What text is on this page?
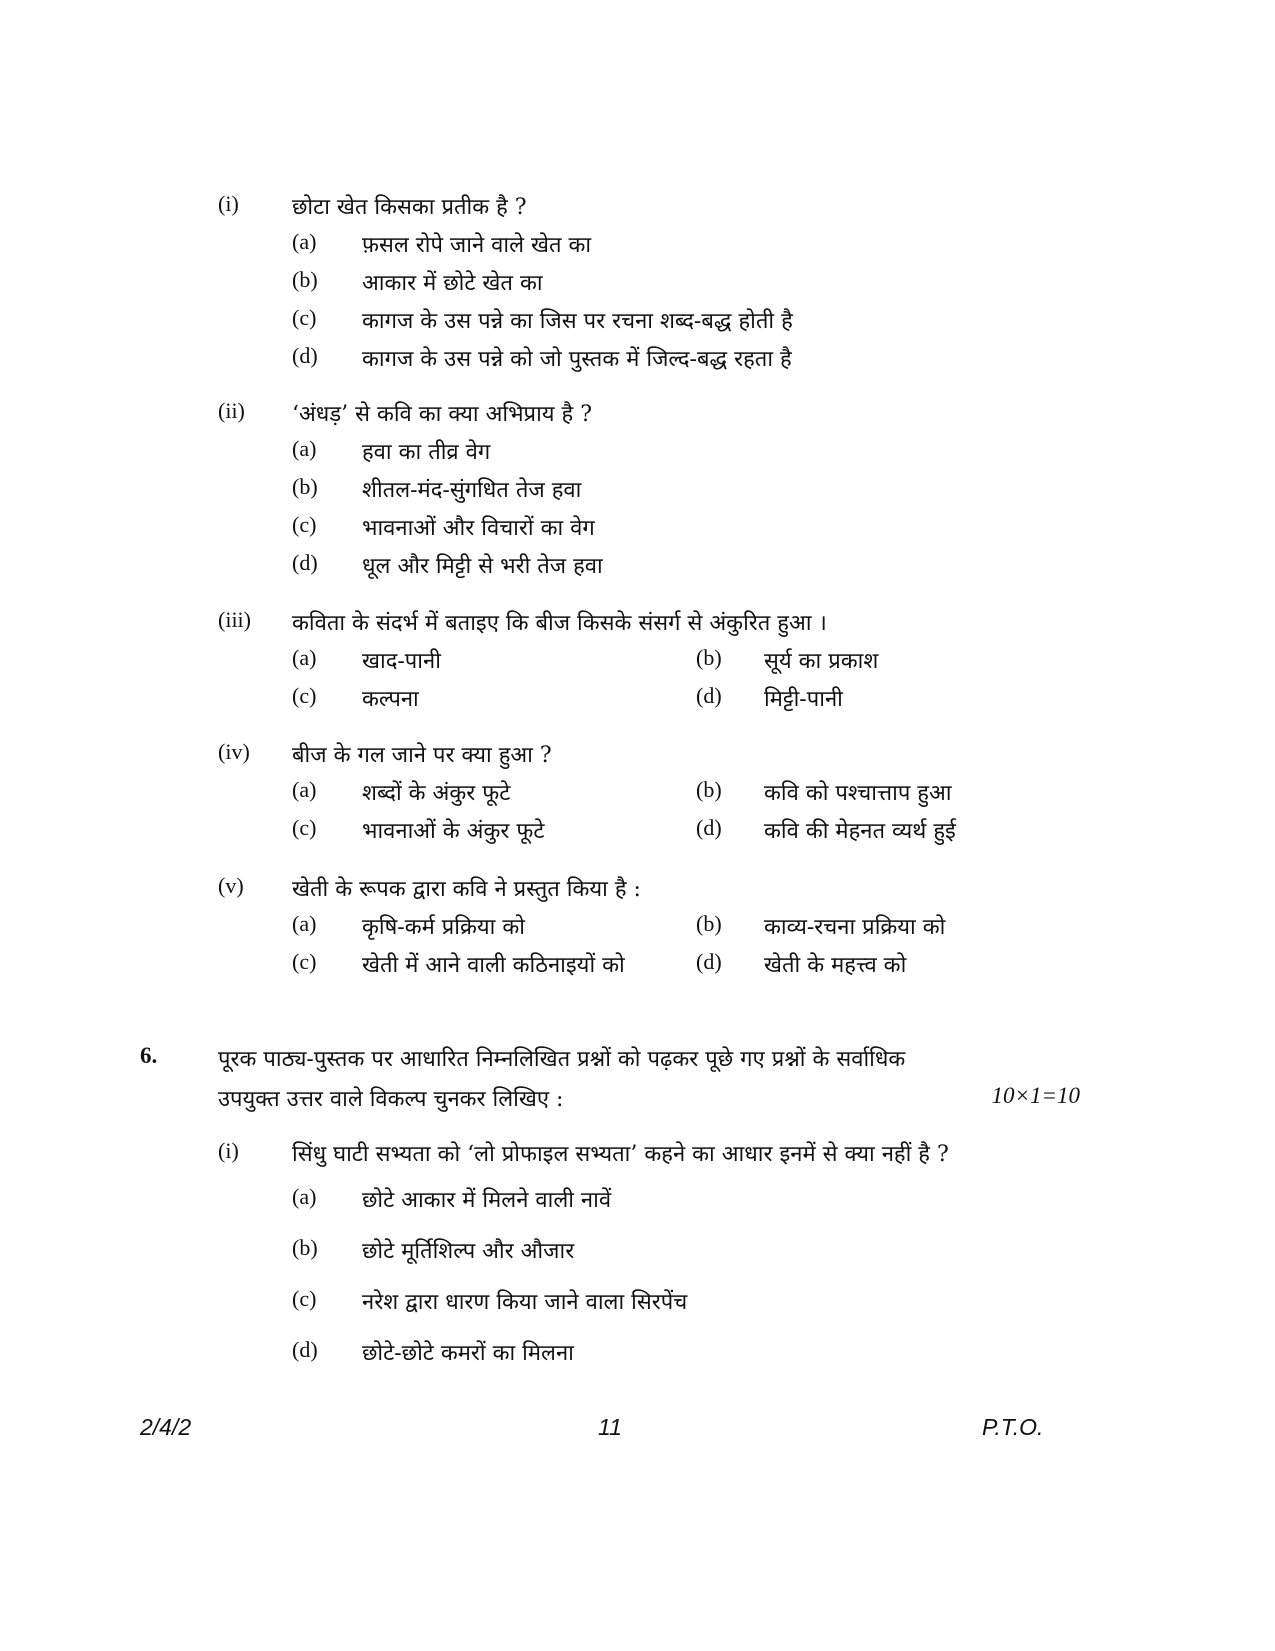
(i) छोटा खेत किसका प्रतीक है ?
(a) फ़सल रोपे जाने वाले खेत का
(b) आकार में छोटे खेत का
(c) कागज के उस पन्ने का जिस पर रचना शब्द-बद्ध होती है
(d) कागज के उस पन्ने को जो पुस्तक में जिल्द-बद्ध रहता है
(ii) ‘अंधड़’ से कवि का क्या अभिप्राय है ?
(a) हवा का तीव्र वेग
(b) शीतल-मंद-सुंगधित तेज हवा
(c) भावनाओं और विचारों का वेग
(d) धूल और मिट्टी से भरी तेज हवा
(iii) कविता के संदर्भ में बताइए कि बीज किसके संसर्ग से अंकुरित हुआ ।
(a) खाद-पानी	(b) सूर्य का प्रकाश
(c) कल्पना	(d) मिट्टी-पानी
(iv) बीज के गल जाने पर क्या हुआ ?
(a) शब्दों के अंकुर फूटे	(b) कवि को पश्चात्ताप हुआ
(c) भावनाओं के अंकुर फूटे	(d) कवि की मेहनत व्यर्थ हुई
(v) खेती के रूपक द्वारा कवि ने प्रस्तुत किया है :
(a) कृषि-कर्म प्रक्रिया को	(b) काव्य-रचना प्रक्रिया को
(c) खेती में आने वाली कठिनाइयों को	(d) खेती के महत्त्व को
6.	पूरक पाठ्य-पुस्तक पर आधारित निम्नलिखित प्रश्नों को पढ़कर पूछे गए प्रश्नों के सर्वाधिक
उपयुक्त उत्तर वाले विकल्प चुनकर लिखिए :	10×1=10
(i) सिंधु घाटी सभ्यता को ‘लो प्रोफाइल सभ्यता’ कहने का आधार इनमें से क्या नहीं है ?
(a) छोटे आकार में मिलने वाली नावें
(b) छोटे मूर्तिशिल्प और औजार
(c) नरेश द्वारा धारण किया जाने वाला सिरपेंच
(d) छोटे-छोटे कमरों का मिलना
2/4/2	11	P.T.O.
